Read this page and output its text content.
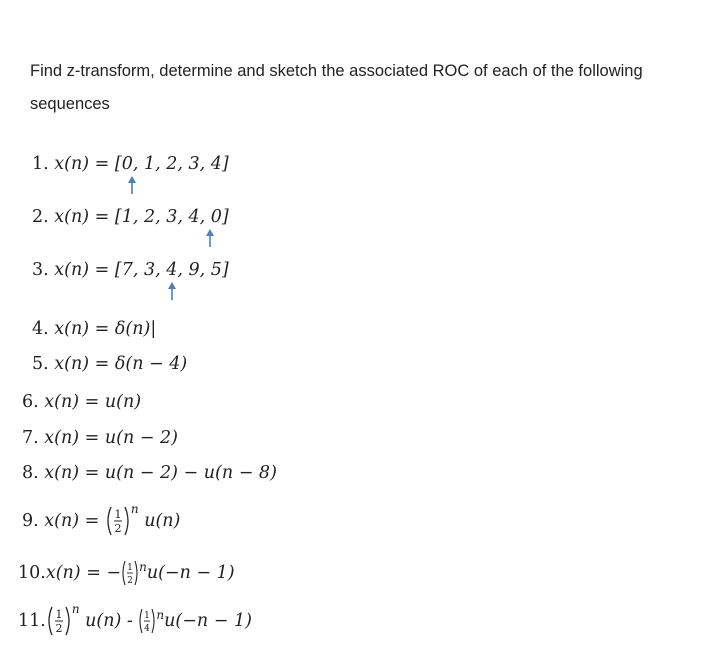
Find z-transform, determine and sketch the associated ROC of each of the following
sequences
1. x(n) = [0, 1, 2, 3, 4]
2. x(n) = [1, 2, 3, 4, 0]
3. x(n) = [7, 3, 4, 9, 5]
4. x(n) = δ(n)|
5. x(n) = δ(n − 4)
6. x(n) = u(n)
7. x(n) = u(n − 2)
8. x(n) = u(n − 2) − u(n − 8)
9. x(n) = 1
2
$^n$ u(n)
10.x(n) = − 1
2
$^n$u(−n − 1)
11. 1
2
$^n$ u(n) - 1
4
$^n$u(−n − 1)
